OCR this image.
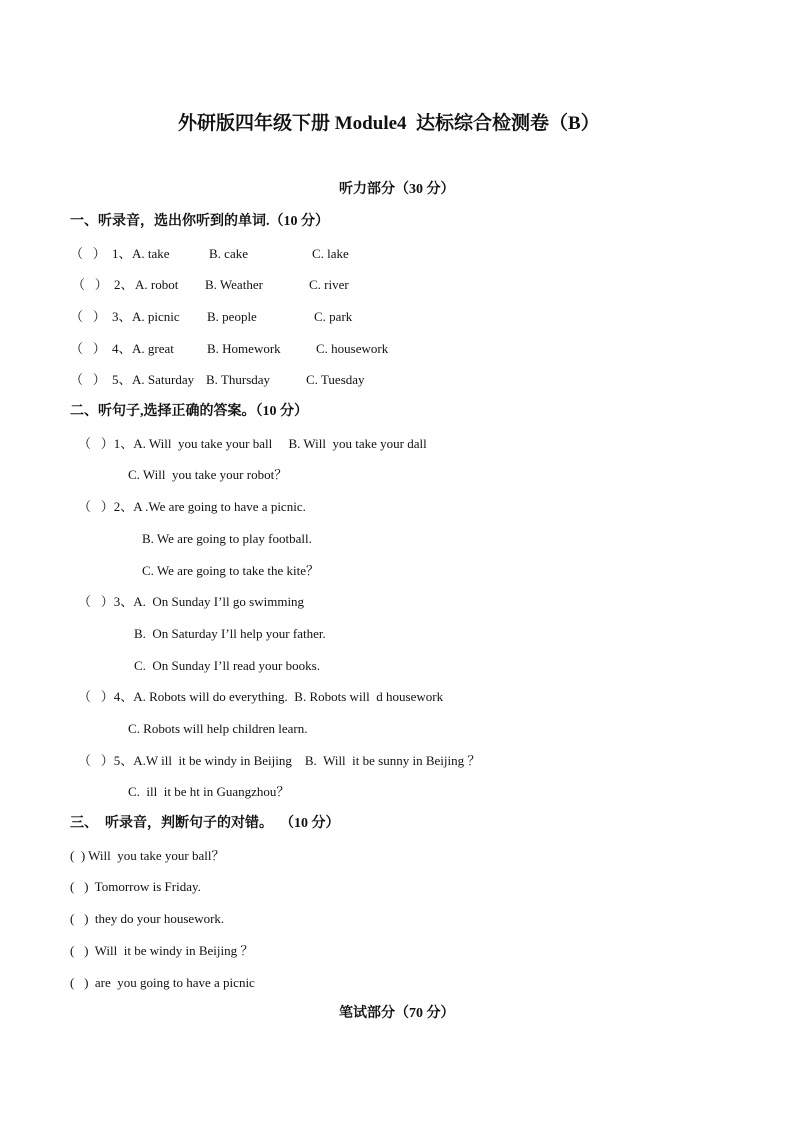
外研版四年级下册 Module4  达标综合检测卷（B）
听力部分（30 分）
一、听录音，选出你听到的单词.（10 分）
（   ） 1、 A. take	B. cake	C. lake
（   ） 2、 A. robot B. Weather	C. river
（   ） 3、 A. picnic B. people	C. park
（   ） 4、 A. great	B. Homework	C. housework
（   ） 5、 A. Saturday B. Thursday	C. Tuesday
二、听句子,选择正确的答案。（10 分）
（   ）1、A. Will  you take your ball     B. Will  you take your dall
C. Will  you take your robot？
（   ）2、A .We are going to have a picnic.
B. We are going to play football.
C. We are going to take the kite？
（   ）3、A.  On Sunday I’ll go swimming
B.  On Saturday I’ll help your father.
C.  On Sunday I’ll read your books.
（   ）4、A. Robots will do everything.  B. Robots will  d housework
C. Robots will help children learn.
（   ）5、A.W ill  it be windy in Beijing    B.  Will  it be sunny in Beijing ？
C.  ill  it be ht in Guangzhou？
三、  听录音，判断句子的对错。  （10 分）
(  ) Will  you take your ball？
(   )  Tomorrow is Friday.
(   )  they do your housework.
(   )  Will  it be windy in Beijing ？
(   )  are  you going to have a picnic
笔试部分（70 分）
